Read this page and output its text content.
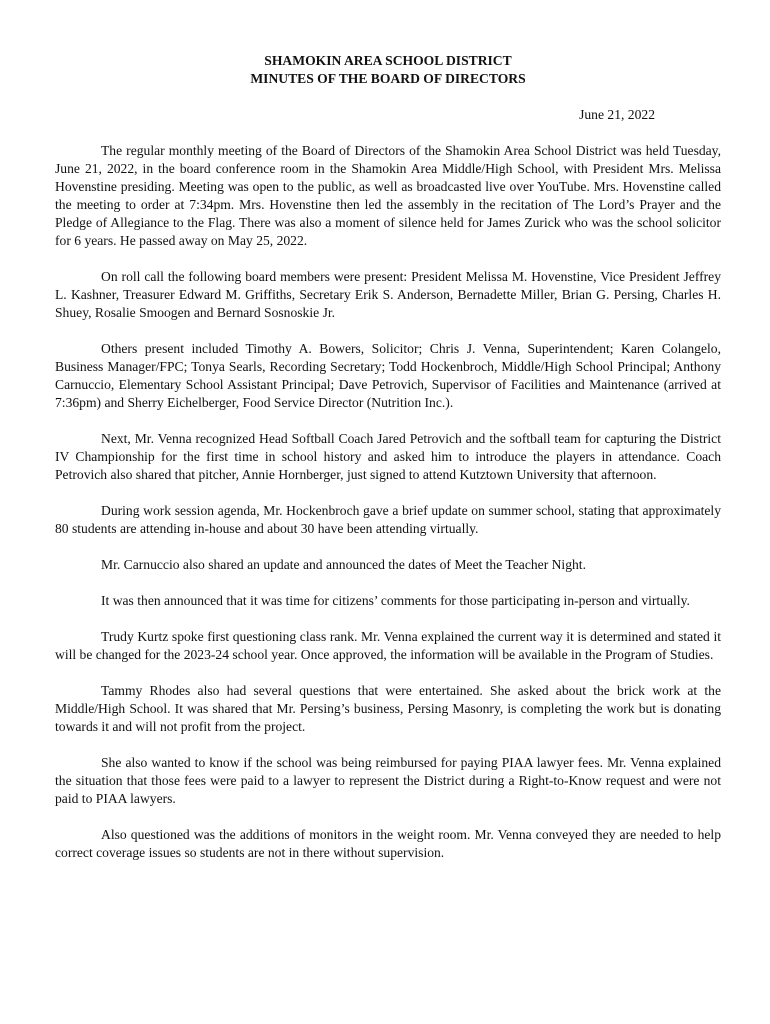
SHAMOKIN AREA SCHOOL DISTRICT
MINUTES OF THE BOARD OF DIRECTORS
June 21, 2022

The regular monthly meeting of the Board of Directors of the Shamokin Area School District was held Tuesday, June 21, 2022, in the board conference room in the Shamokin Area Middle/High School, with President Mrs. Melissa Hovenstine presiding. Meeting was open to the public, as well as broadcasted live over YouTube. Mrs. Hovenstine called the meeting to order at 7:34pm. Mrs. Hovenstine then led the assembly in the recitation of The Lord’s Prayer and the Pledge of Allegiance to the Flag. There was also a moment of silence held for James Zurick who was the school solicitor for 6 years. He passed away on May 25, 2022.

On roll call the following board members were present: President Melissa M. Hovenstine, Vice President Jeffrey L. Kashner, Treasurer Edward M. Griffiths, Secretary Erik S. Anderson, Bernadette Miller, Brian G. Persing, Charles H. Shuey, Rosalie Smoogen and Bernard Sosnoskie Jr.

Others present included Timothy A. Bowers, Solicitor; Chris J. Venna, Superintendent; Karen Colangelo, Business Manager/FPC; Tonya Searls, Recording Secretary; Todd Hockenbroch, Middle/High School Principal; Anthony Carnuccio, Elementary School Assistant Principal; Dave Petrovich, Supervisor of Facilities and Maintenance (arrived at 7:36pm) and Sherry Eichelberger, Food Service Director (Nutrition Inc.).

Next, Mr. Venna recognized Head Softball Coach Jared Petrovich and the softball team for capturing the District IV Championship for the first time in school history and asked him to introduce the players in attendance. Coach Petrovich also shared that pitcher, Annie Hornberger, just signed to attend Kutztown University that afternoon.

During work session agenda, Mr. Hockenbroch gave a brief update on summer school, stating that approximately 80 students are attending in-house and about 30 have been attending virtually.

Mr. Carnuccio also shared an update and announced the dates of Meet the Teacher Night.

It was then announced that it was time for citizens’ comments for those participating in-person and virtually.

Trudy Kurtz spoke first questioning class rank. Mr. Venna explained the current way it is determined and stated it will be changed for the 2023-24 school year. Once approved, the information will be available in the Program of Studies.

Tammy Rhodes also had several questions that were entertained. She asked about the brick work at the Middle/High School. It was shared that Mr. Persing’s business, Persing Masonry, is completing the work but is donating towards it and will not profit from the project.

She also wanted to know if the school was being reimbursed for paying PIAA lawyer fees. Mr. Venna explained the situation that those fees were paid to a lawyer to represent the District during a Right-to-Know request and were not paid to PIAA lawyers.

Also questioned was the additions of monitors in the weight room. Mr. Venna conveyed they are needed to help correct coverage issues so students are not in there without supervision.
